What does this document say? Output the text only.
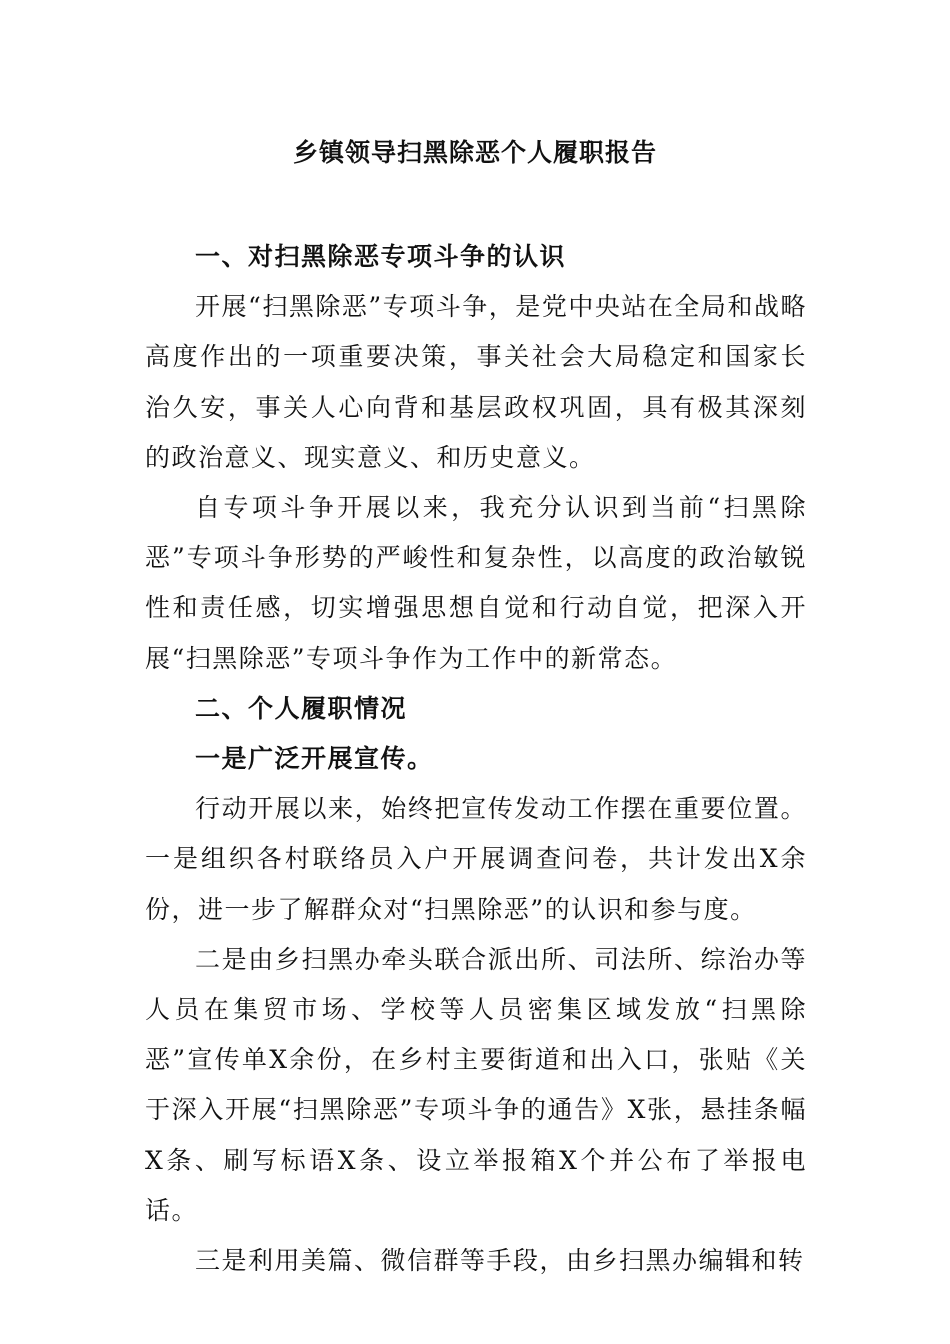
乡镇领导扫黑除恶个人履职报告

一、对扫黑除恶专项斗争的认识

开展“扫黑除恶”专项斗争，是党中央站在全局和战略高度作出的一项重要决策，事关社会大局稳定和国家长治久安，事关人心向背和基层政权巩固，具有极其深刻的政治意义、现实意义、和历史意义。

自专项斗争开展以来，我充分认识到当前“扫黑除恶”专项斗争形势的严峻性和复杂性，以高度的政治敏锐性和责任感，切实增强思想自觉和行动自觉，把深入开展“扫黑除恶”专项斗争作为工作中的新常态。

二、个人履职情况

一是广泛开展宣传。

行动开展以来，始终把宣传发动工作摆在重要位置。一是组织各村联络员入户开展调查问卷，共计发出X余份，进一步了解群众对“扫黑除恶”的认识和参与度。

二是由乡扫黑办牵头联合派出所、司法所、综治办等人员在集贸市场、学校等人员密集区域发放“扫黑除恶”宣传单X余份，在乡村主要街道和出入口，张贴《关于深入开展“扫黑除恶”专项斗争的通告》X张，悬挂条幅X条、刷写标语X条、设立举报箱X个并公布了举报电话。

三是利用美篇、微信群等手段，由乡扫黑办编辑和转
